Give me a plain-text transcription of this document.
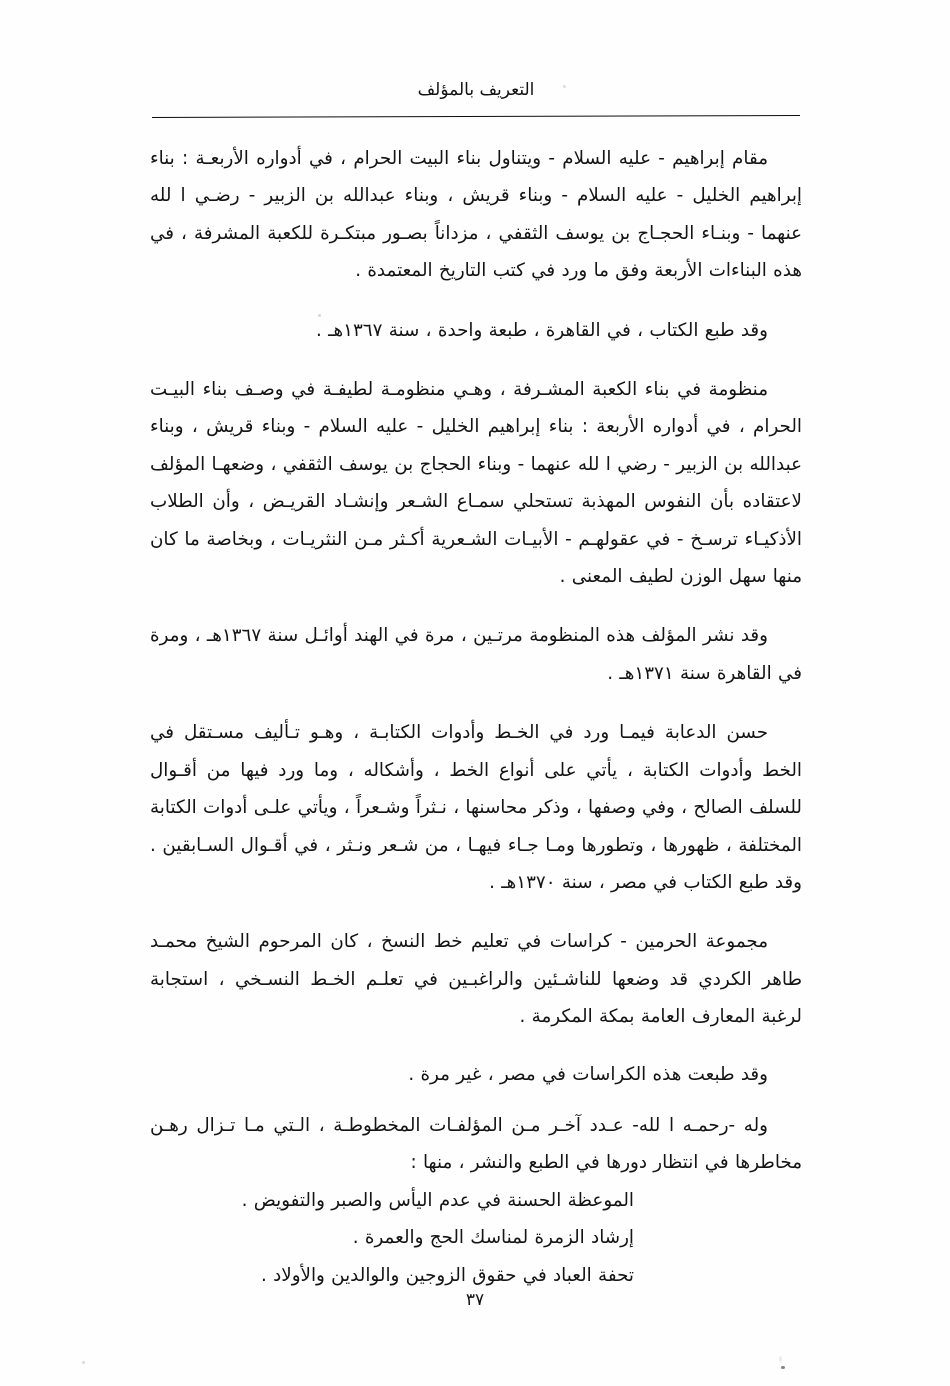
التعريف بالمؤلف

مقام إبراهيم - عليه السلام - ويتناول بناء البيت الحرام ، في أدواره الأربعـة : بناء إبراهيم الخليل - عليه السلام - وبناء قريش ، وبناء عبدالله بن الزبير - رضـي ا لله عنهما - وبنـاء الحجـاج بن يوسف الثقفي ، مزداناً بصـور مبتكـرة للكعبة المشرفة ، في هذه البناءات الأربعة وفق ما ورد في كتب التاريخ المعتمدة .

وقد طبع الكتاب ، في القاهرة ، طبعة واحدة ، سنة ١٣٦٧هـ .

منظومة في بناء الكعبة المشـرفة ، وهـي منظومـة لطيفـة في وصـف بناء البيـت الحرام ، في أدواره الأربعة : بناء إبراهيم الخليل - عليه السلام - وبناء قريش ، وبناء عبدالله بن الزبير - رضي ا لله عنهما - وبناء الحجاج بن يوسف الثقفي ، وضعهـا المؤلف لاعتقاده بأن النفوس المهذبة تستحلي سمـاع الشـعر وإنشـاد القريـض ، وأن الطلاب الأذكيـاء ترسـخ - في عقولهـم - الأبيـات الشـعرية أكـثر مـن النثريـات ، وبخاصة ما كان منها سهل الوزن لطيف المعنى .

وقد نشر المؤلف هذه المنظومة مرتـين ، مرة في الهند أوائـل سنة ١٣٦٧هـ ، ومرة في القاهرة سنة ١٣٧١هـ .

حسن الدعابة فيمـا ورد في الخـط وأدوات الكتابـة ، وهـو تـأليف مسـتقل في الخط وأدوات الكتابة ، يأتي على أنواع الخط ، وأشكاله ، وما ورد فيها من أقـوال للسلف الصالح ، وفي وصفها ، وذكر محاسنها ، نـثراً وشـعراً ، ويأتي علـى أدوات الكتابة المختلفة ، ظهورها ، وتطورها ومـا جـاء فيهـا ، من شـعر ونـثر ، في أقـوال السـابقين . وقد طبع الكتاب في مصر ، سنة ١٣٧٠هـ .

مجموعة الحرمين - كراسات في تعليم خط النسخ ، كان المرحوم الشيخ محمـد طاهر الكردي قد وضعها للناشـئين والراغبـين في تعلـم الخـط النسـخي ، استجابة لرغبة المعارف العامة بمكة المكرمة .

وقد طبعت هذه الكراسات في مصر ، غير مرة .

وله -رحمـه ا لله- عـدد آخـر مـن المؤلفـات المخطوطـة ، الـتي مـا تـزال رهـن مخاطرها في انتظار دورها في الطبع والنشر ، منها :

الموعظة الحسنة في عدم اليأس والصبر والتفويض .
إرشاد الزمرة لمناسك الحج والعمرة .
تحفة العباد في حقوق الزوجين والوالدين والأولاد .
٣٧
